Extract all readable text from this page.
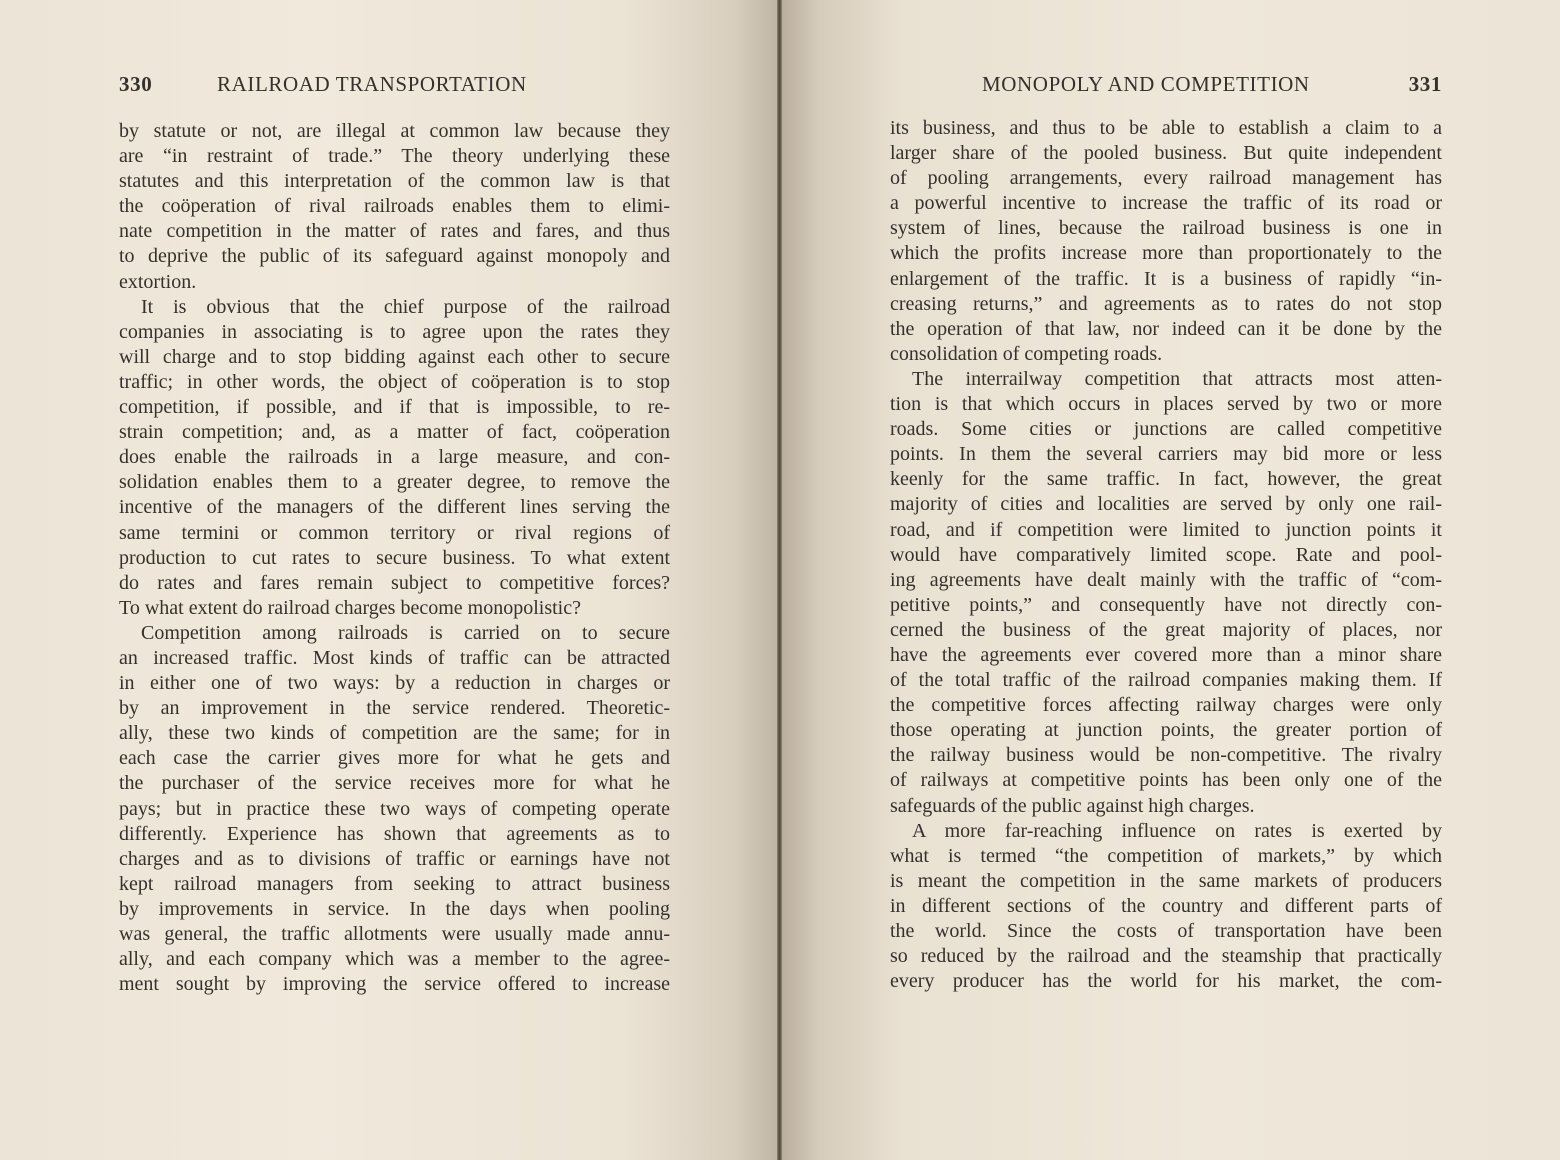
330	RAILROAD TRANSPORTATION
by statute or not, are illegal at common law because they
are “in restraint of trade.” The theory underlying these
statutes and this interpretation of the common law is that
the coöperation of rival railroads enables them to elimi-
nate competition in the matter of rates and fares, and thus
to deprive the public of its safeguard against monopoly and
extortion.
It is obvious that the chief purpose of the railroad
companies in associating is to agree upon the rates they
will charge and to stop bidding against each other to secure
traffic; in other words, the object of coöperation is to stop
competition, if possible, and if that is impossible, to re-
strain competition; and, as a matter of fact, coöperation
does enable the railroads in a large measure, and con-
solidation enables them to a greater degree, to remove the
incentive of the managers of the different lines serving the
same termini or common territory or rival regions of
production to cut rates to secure business. To what extent
do rates and fares remain subject to competitive forces?
To what extent do railroad charges become monopolistic?
Competition among railroads is carried on to secure
an increased traffic. Most kinds of traffic can be attracted
in either one of two ways: by a reduction in charges or
by an improvement in the service rendered. Theoretic-
ally, these two kinds of competition are the same; for in
each case the carrier gives more for what he gets and
the purchaser of the service receives more for what he
pays; but in practice these two ways of competing operate
differently. Experience has shown that agreements as to
charges and as to divisions of traffic or earnings have not
kept railroad managers from seeking to attract business
by improvements in service. In the days when pooling
was general, the traffic allotments were usually made annu-
ally, and each company which was a member to the agree-
ment sought by improving the service offered to increase
MONOPOLY AND COMPETITION	331
its business, and thus to be able to establish a claim to a
larger share of the pooled business. But quite independent
of pooling arrangements, every railroad management has
a powerful incentive to increase the traffic of its road or
system of lines, because the railroad business is one in
which the profits increase more than proportionately to the
enlargement of the traffic. It is a business of rapidly “in-
creasing returns,” and agreements as to rates do not stop
the operation of that law, nor indeed can it be done by the
consolidation of competing roads.
The interrailway competition that attracts most atten-
tion is that which occurs in places served by two or more
roads. Some cities or junctions are called competitive
points. In them the several carriers may bid more or less
keenly for the same traffic. In fact, however, the great
majority of cities and localities are served by only one rail-
road, and if competition were limited to junction points it
would have comparatively limited scope. Rate and pool-
ing agreements have dealt mainly with the traffic of “com-
petitive points,” and consequently have not directly con-
cerned the business of the great majority of places, nor
have the agreements ever covered more than a minor share
of the total traffic of the railroad companies making them. If
the competitive forces affecting railway charges were only
those operating at junction points, the greater portion of
the railway business would be non-competitive. The rivalry
of railways at competitive points has been only one of the
safeguards of the public against high charges.
A more far-reaching influence on rates is exerted by
what is termed “the competition of markets,” by which
is meant the competition in the same markets of producers
in different sections of the country and different parts of
the world. Since the costs of transportation have been
so reduced by the railroad and the steamship that practically
every producer has the world for his market, the com-
